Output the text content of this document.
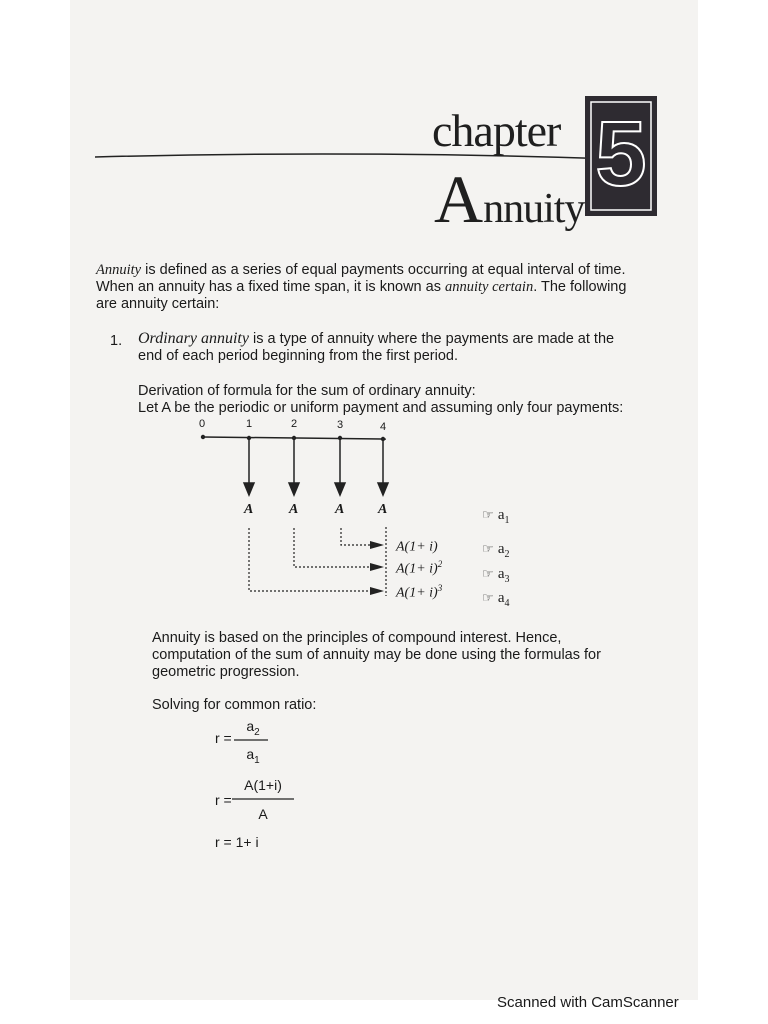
chapter
Annuity
5
Annuity is defined as a series of equal payments occurring at equal interval of time.
When an annuity has a fixed time span, it is known as annuity certain. The following
are annuity certain:
1. Ordinary annuity is a type of annuity where the payments are made at the
end of each period beginning from the first period.
Derivation of formula for the sum of ordinary annuity:
Let A be the periodic or uniform payment and assuming only four payments:
0	1	2	3	4
A	A	A A
A(1+ i)
$A(1+ i)^2$
$A(1+ i)^3$
☞ $a_1$
☞ $a_2$
☞ $a_3$
☞ $a_4$
Annuity is based on the principles of compound interest. Hence,
computation of the sum of annuity may be done using the formulas for
geometric progression.
Solving for common ratio:
r =
$a_2$
$a_1$
r =
A(1+i)
A
r = 1+ i
Scanned with CamScanner
